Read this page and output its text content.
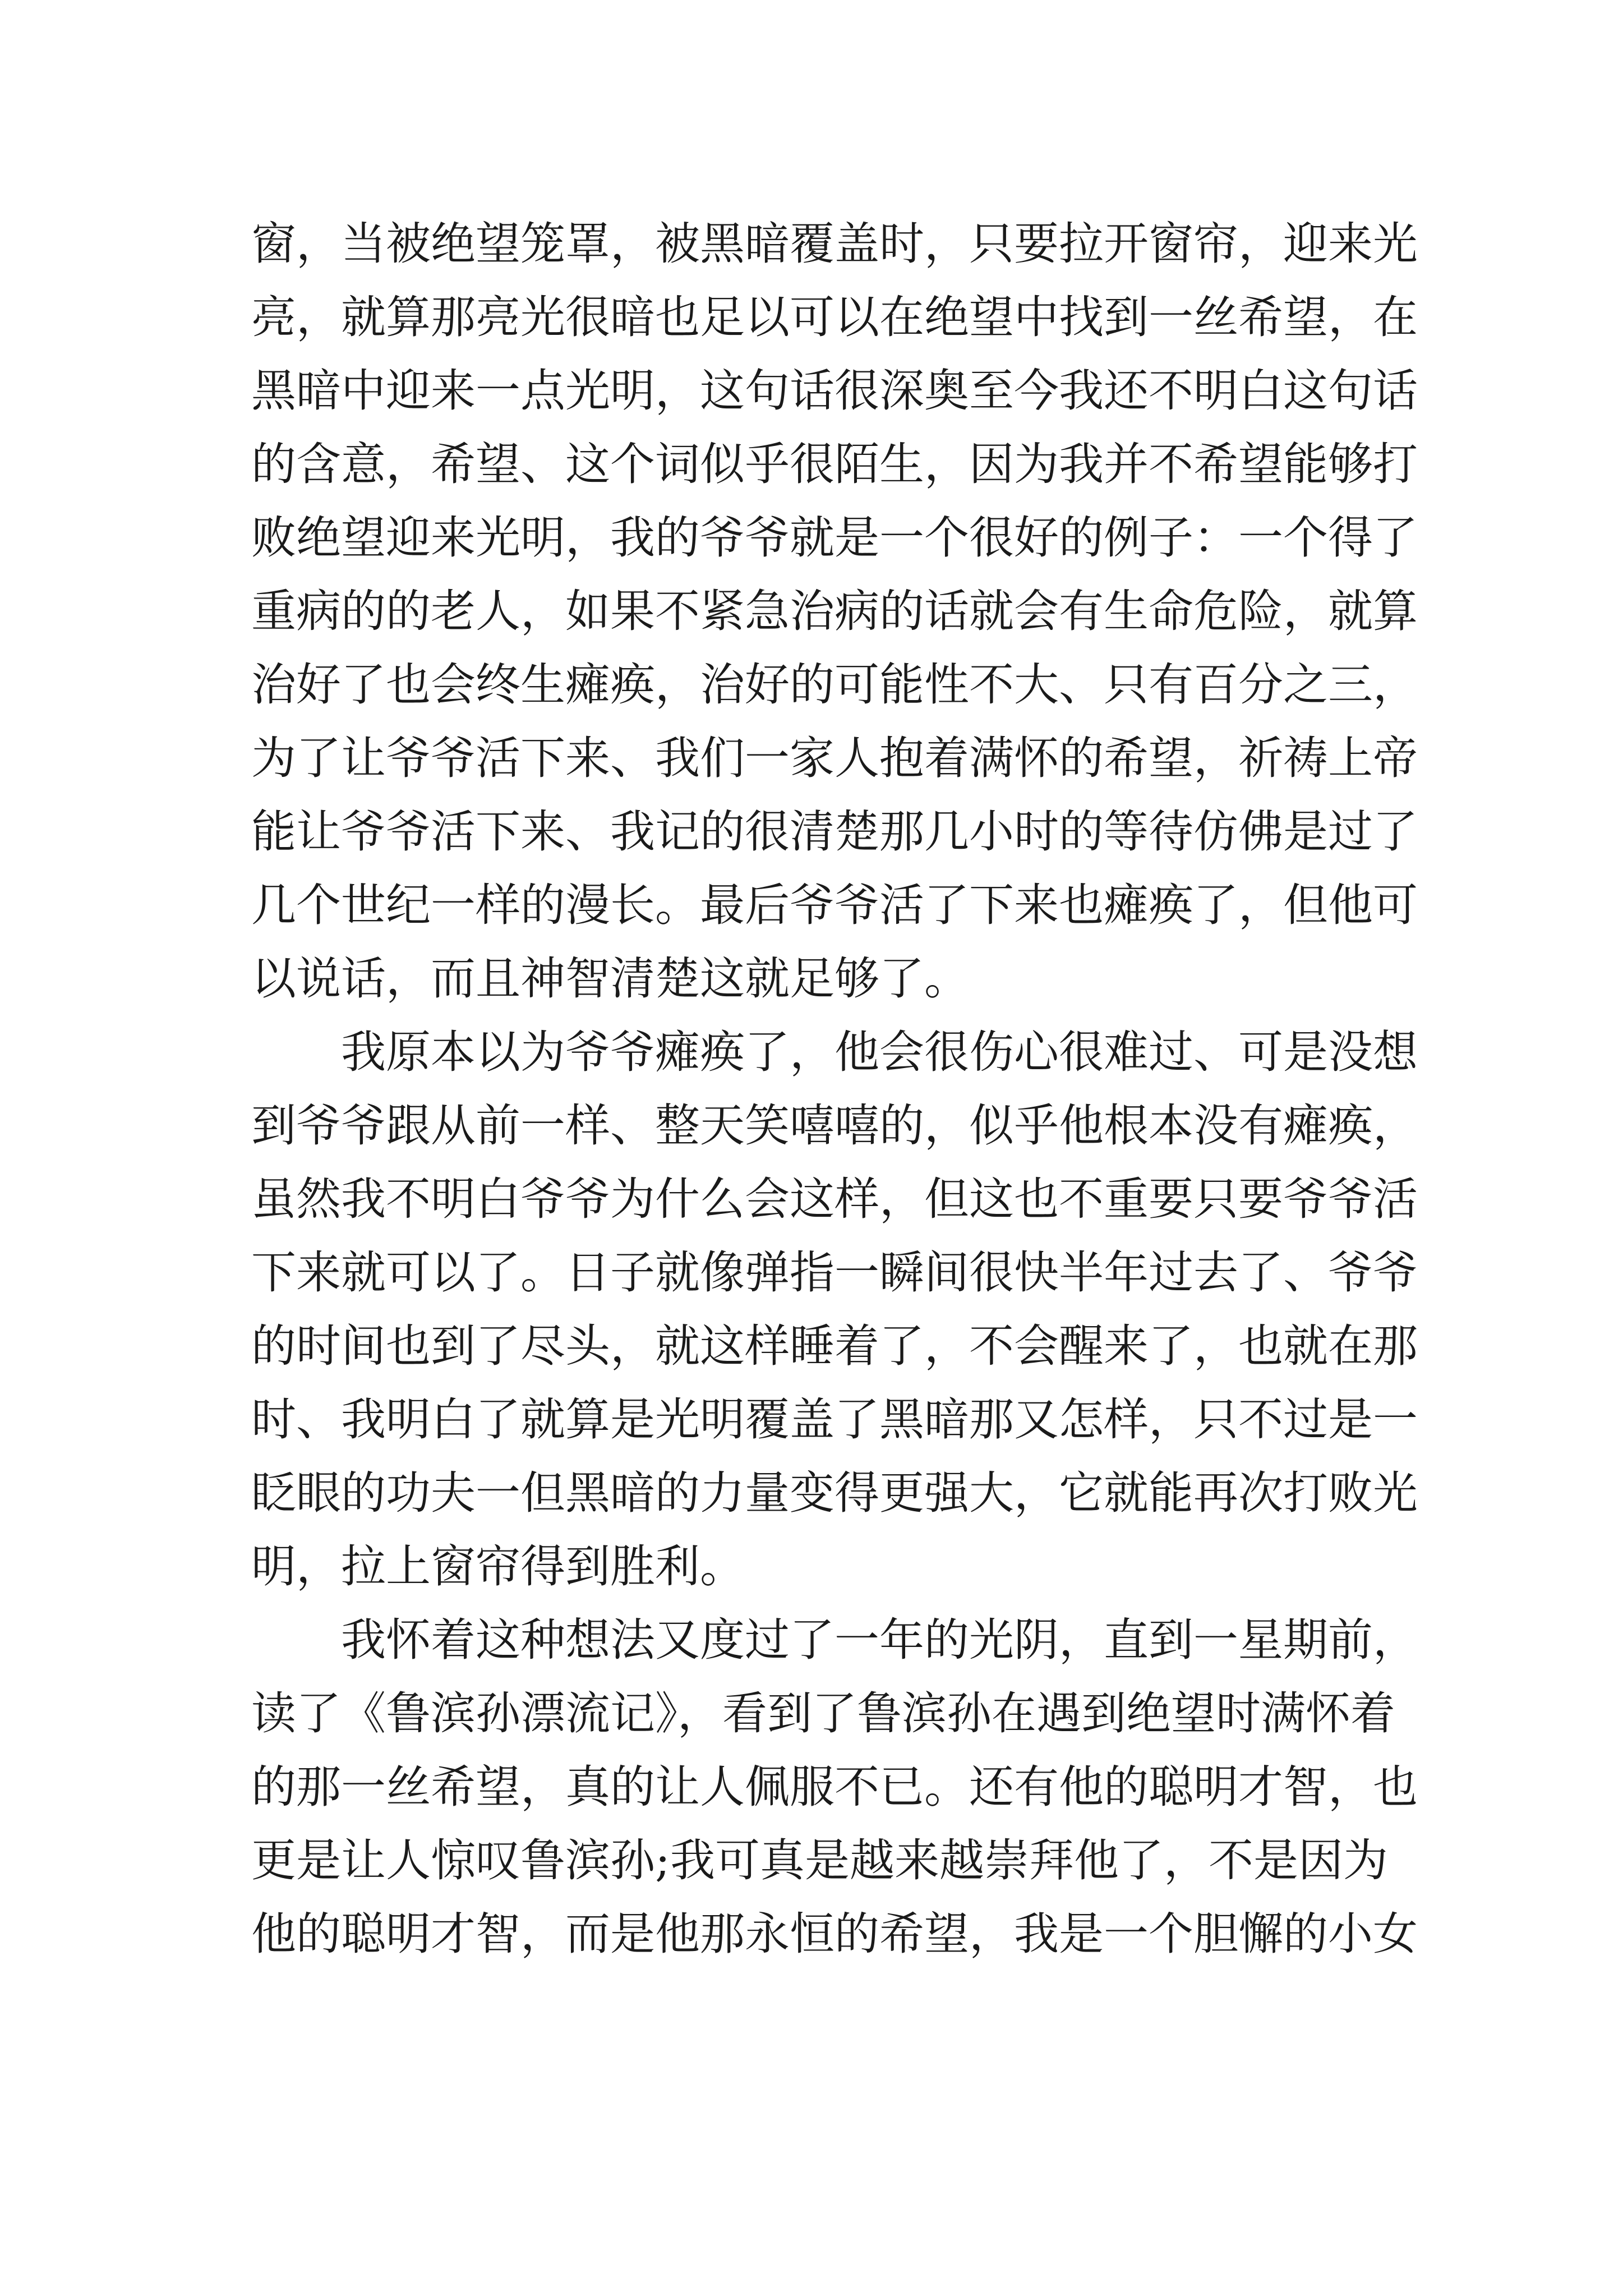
窗，当被绝望笼罩，被黑暗覆盖时，只要拉开窗帘，迎来光
亮，就算那亮光很暗也足以可以在绝望中找到一丝希望，在
黑暗中迎来一点光明，这句话很深奥至今我还不明白这句话
的含意，希望、这个词似乎很陌生，因为我并不希望能够打
败绝望迎来光明，我的爷爷就是一个很好的例子：一个得了
重病的的老人，如果不紧急治病的话就会有生命危险，就算
治好了也会终生瘫痪，治好的可能性不大、只有百分之三，
为了让爷爷活下来、我们一家人抱着满怀的希望，祈祷上帝
能让爷爷活下来、我记的很清楚那几小时的等待仿佛是过了
几个世纪一样的漫长。最后爷爷活了下来也瘫痪了，但他可
以说话，而且神智清楚这就足够了。
我原本以为爷爷瘫痪了，他会很伤心很难过、可是没想
到爷爷跟从前一样、整天笑嘻嘻的，似乎他根本没有瘫痪，
虽然我不明白爷爷为什么会这样，但这也不重要只要爷爷活
下来就可以了。日子就像弹指一瞬间很快半年过去了、爷爷
的时间也到了尽头，就这样睡着了，不会醒来了，也就在那
时、我明白了就算是光明覆盖了黑暗那又怎样，只不过是一
眨眼的功夫一但黑暗的力量变得更强大，它就能再次打败光
明，拉上窗帘得到胜利。
我怀着这种想法又度过了一年的光阴，直到一星期前，
读了《鲁滨孙漂流记》，看到了鲁滨孙在遇到绝望时满怀着
的那一丝希望，真的让人佩服不已。还有他的聪明才智，也
更是让人惊叹鲁滨孙;我可真是越来越崇拜他了，不是因为
他的聪明才智，而是他那永恒的希望，我是一个胆懈的小女
